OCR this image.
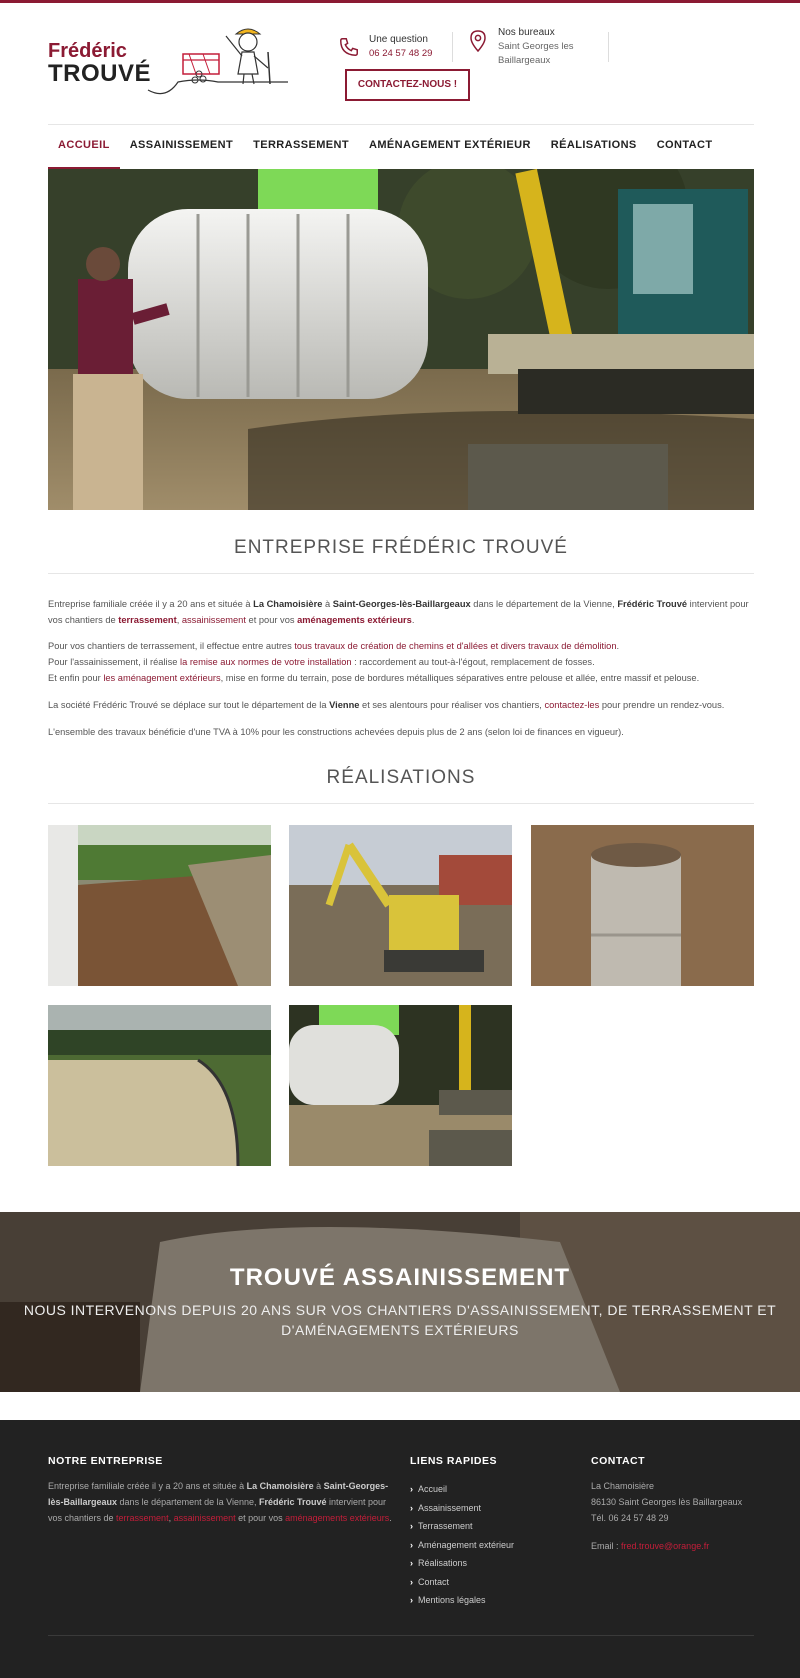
Frédéric
TROUVÉ
Une question
06 24 57 48 29
Nos bureaux
Saint Georges les
Baillargeaux
CONTACTEZ-NOUS !
ACCUEIL	ASSAINISSEMENT	TERRASSEMENT	AMÉNAGEMENT EXTÉRIEUR	RÉALISATIONS	CONTACT
ENTREPRISE FRÉDÉRIC TROUVÉ
Entreprise familiale créée il y a 20 ans et située à La Chamoisière à Saint-Georges-lès-Baillargeaux dans le département de la Vienne, Frédéric Trouvé intervient pour vos chantiers de terrassement, assainissement et pour vos aménagements extérieurs.
Pour vos chantiers de terrassement, il effectue entre autres tous travaux de création de chemins et d'allées et divers travaux de démolition.
Pour l'assainissement, il réalise la remise aux normes de votre installation : raccordement au tout-à-l'égout, remplacement de fosses.
Et enfin pour les aménagement extérieurs, mise en forme du terrain, pose de bordures métalliques séparatives entre pelouse et allée, entre massif et pelouse.
La société Frédéric Trouvé se déplace sur tout le département de la Vienne et ses alentours pour réaliser vos chantiers, contactez-les pour prendre un rendez-vous.
L'ensemble des travaux bénéficie d'une TVA à 10% pour les constructions achevées depuis plus de 2 ans (selon loi de finances en vigueur).
RÉALISATIONS
TROUVÉ ASSAINISSEMENT
NOUS INTERVENONS DEPUIS 20 ANS SUR VOS CHANTIERS D'ASSAINISSEMENT, DE TERRASSEMENT ET D'AMÉNAGEMENTS EXTÉRIEURS
NOTRE ENTREPRISE
Entreprise familiale créée il y a 20 ans et située à La Chamoisière à Saint-Georges-lès-Baillargeaux dans le département de la Vienne, Frédéric Trouvé intervient pour vos chantiers de terrassement, assainissement et pour vos aménagements extérieurs.
LIENS RAPIDES
› Accueil
› Assainissement
› Terrassement
› Aménagement extérieur
› Réalisations
› Contact
› Mentions légales
CONTACT
La Chamoisière
86130 Saint Georges lès Baillargeaux
Tél. 06 24 57 48 29
Email : fred.trouve@orange.fr
